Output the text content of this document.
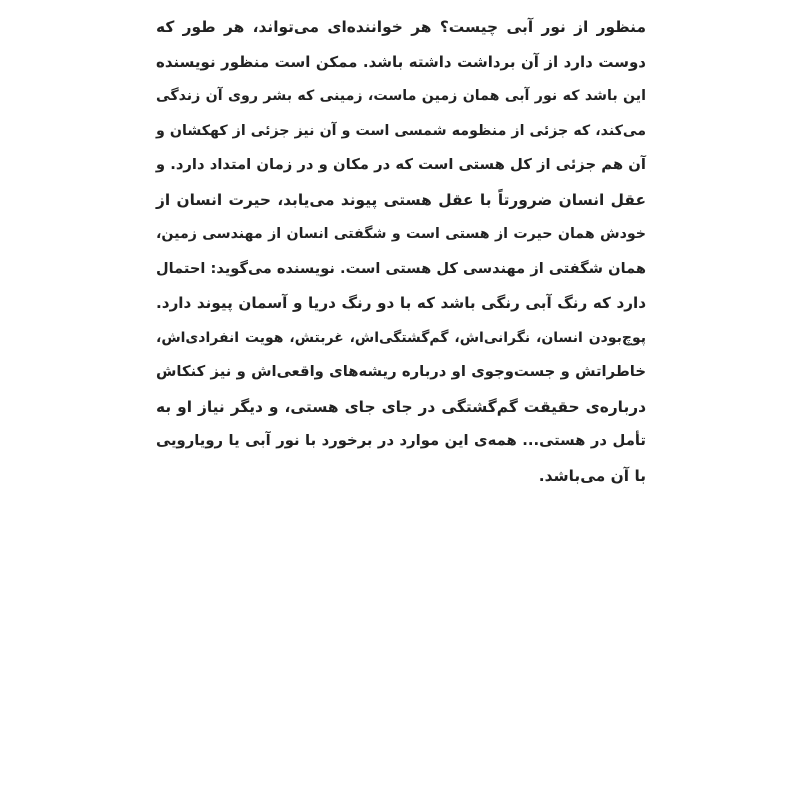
منظور از نور آبی چیست؟ هر خواننده‌ای می‌تواند، هر طور که
دوست دارد از آن برداشت داشته باشد. ممکن است منظور نویسنده
این باشد که نور آبی همان زمین ماست، زمینی که بشر روی آن زندگی
می‌کند، که جزئی از منظومه شمسی است و آن نیز جزئی از کهکشان و
آن هم جزئی از کل هستی است که در مکان و در زمان امتداد دارد. و
عقل انسان ضرورتاً با عقل هستی پیوند می‌یابد، حیرت انسان از
خودش همان حیرت از هستی است و شگفتی انسان از مهندسی زمین،
همان شگفتی از مهندسی کل هستی است. نویسنده می‌گوید: احتمال
دارد که رنگ آبی رنگی باشد که با دو رنگ دریا و آسمان پیوند دارد.
پوچ‌بودن انسان، نگرانی‌اش، گم‌گشتگی‌اش، غربتش، هویت انفرادی‌اش،
خاطراتش و جست‌وجوی او درباره ریشه‌های واقعی‌اش و نیز کنکاش
درباره‌ی حقیقت گم‌گشتگی در جای جای هستی، و دیگر نیاز او به
تأمل در هستی... همه‌ی این موارد در برخورد با نور آبی یا رویارویی
با آن می‌باشد.
